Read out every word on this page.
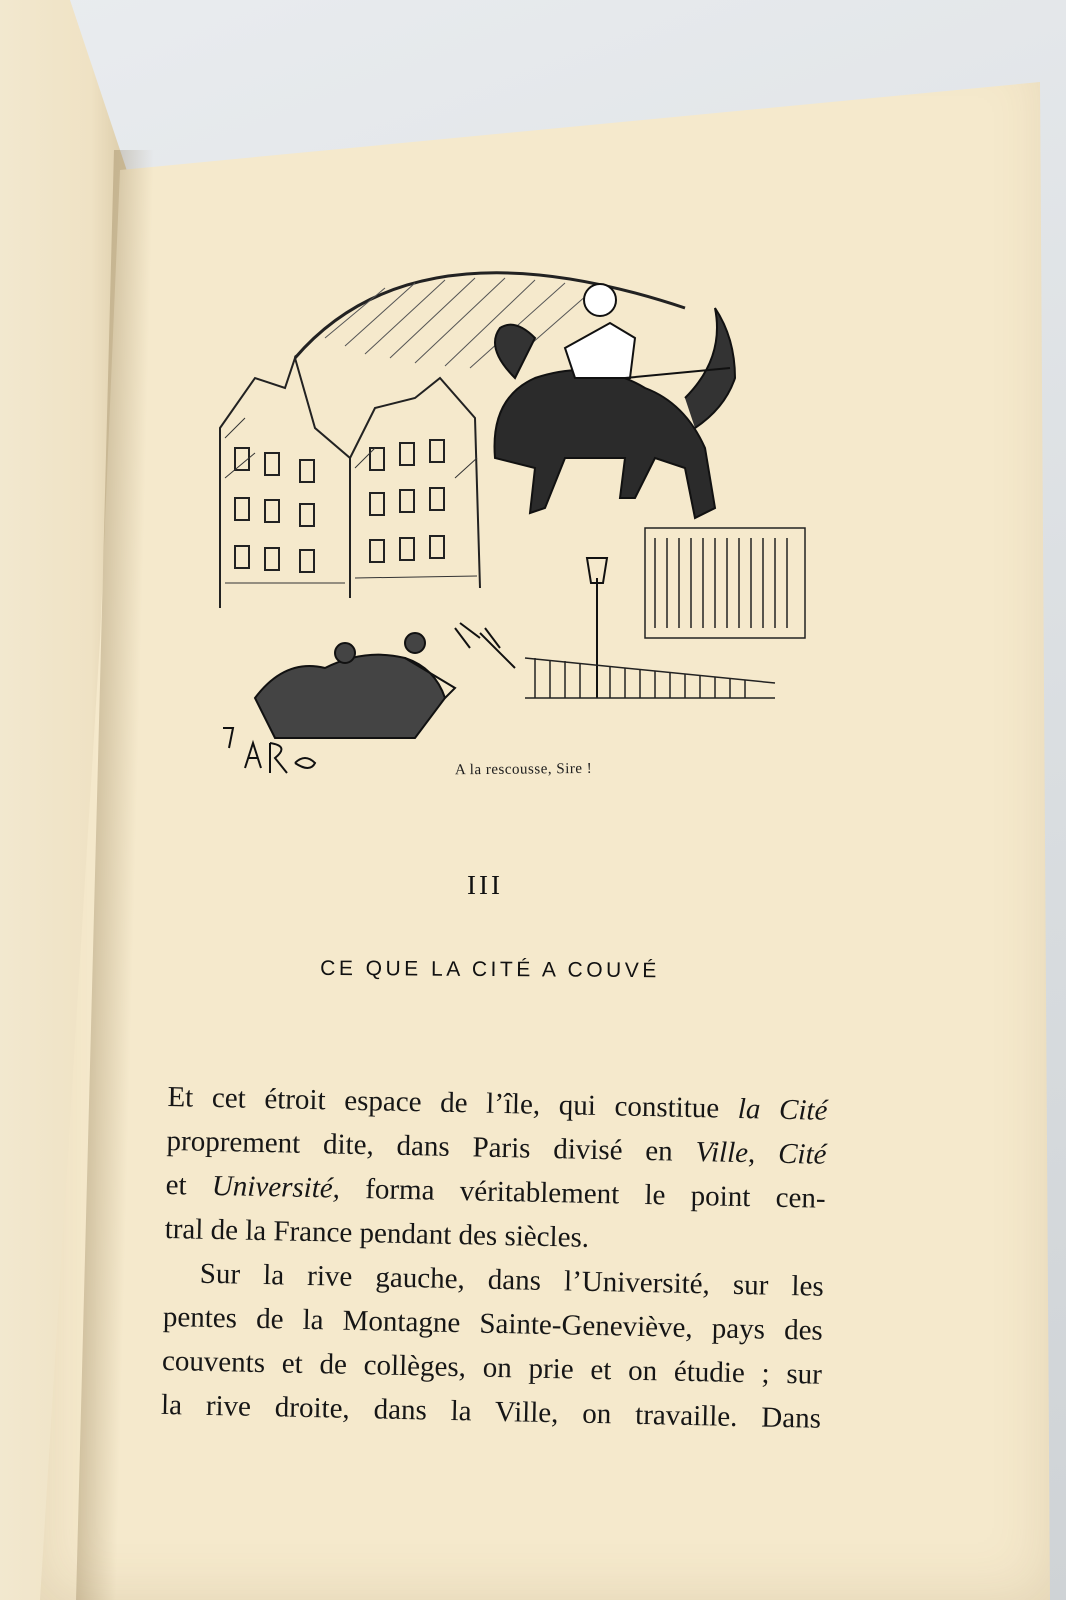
A la rescousse, Sire !
III
CE QUE LA CITÉ A COUVÉ

Et cet étroit espace de l’île, qui constitue la Cité

proprement dite, dans Paris divisé en Ville, Cité

et Université, forma véritablement le point cen-

tral de la France pendant des siècles.

Sur la rive gauche, dans l’Université, sur les

pentes de la Montagne Sainte-Geneviève, pays des

couvents et de collèges, on prie et on étudie ; sur

la rive droite, dans la Ville, on travaille. Dans
